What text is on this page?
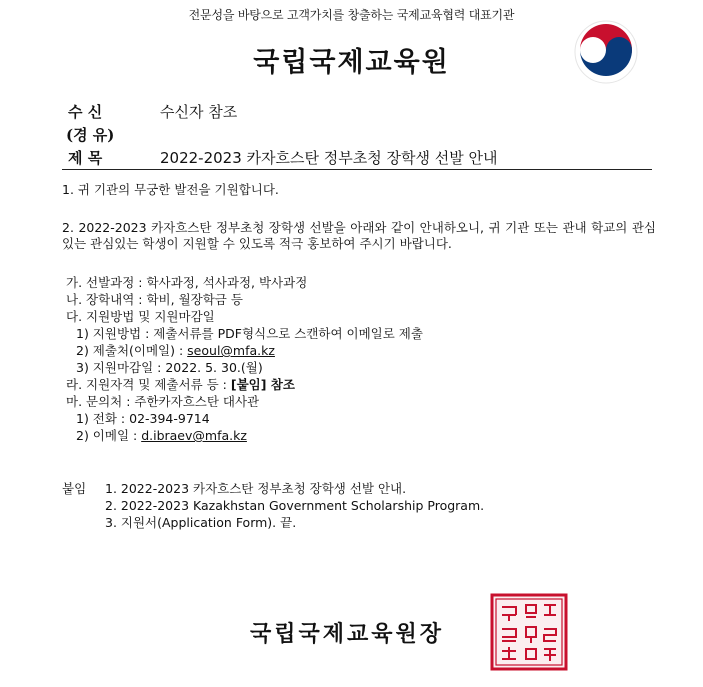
전문성을 바탕으로 고객가치를 창출하는 국제교육협력 대표기관
국립국제교육원
수 신	수신자 참조
(경 유)
제 목	2022-2023 카자흐스탄 정부초청 장학생 선발 안내
1. 귀 기관의 무궁한 발전을 기원합니다.
2. 2022-2023 카자흐스탄 정부초청 장학생 선발을 아래와 같이 안내하오니, 귀 기관 또는 관내 학교의 관심있는 관심있는 학생이 지원할 수 있도록 적극 홍보하여 주시기 바랍니다.
가. 선발과정 : 학사과정, 석사과정, 박사과정
나. 장학내역 : 학비, 월장학금 등
다. 지원방법 및 지원마감일
1) 지원방법 : 제출서류를 PDF형식으로 스캔하여 이메일로 제출
2) 제출처(이메일) : seoul@mfa.kz
3) 지원마감일 : 2022. 5. 30.(월)
라. 지원자격 및 제출서류 등 : [붙임] 참조
마. 문의처 : 주한카자흐스탄 대사관
1) 전화 : 02-394-9714
2) 이메일 : d.ibraev@mfa.kz
붙임 1. 2022-2023 카자흐스탄 정부초청 장학생 선발 안내.
2. 2022-2023 Kazakhstan Government Scholarship Program.
3. 지원서(Application Form). 끝.
국립국제교육원장
